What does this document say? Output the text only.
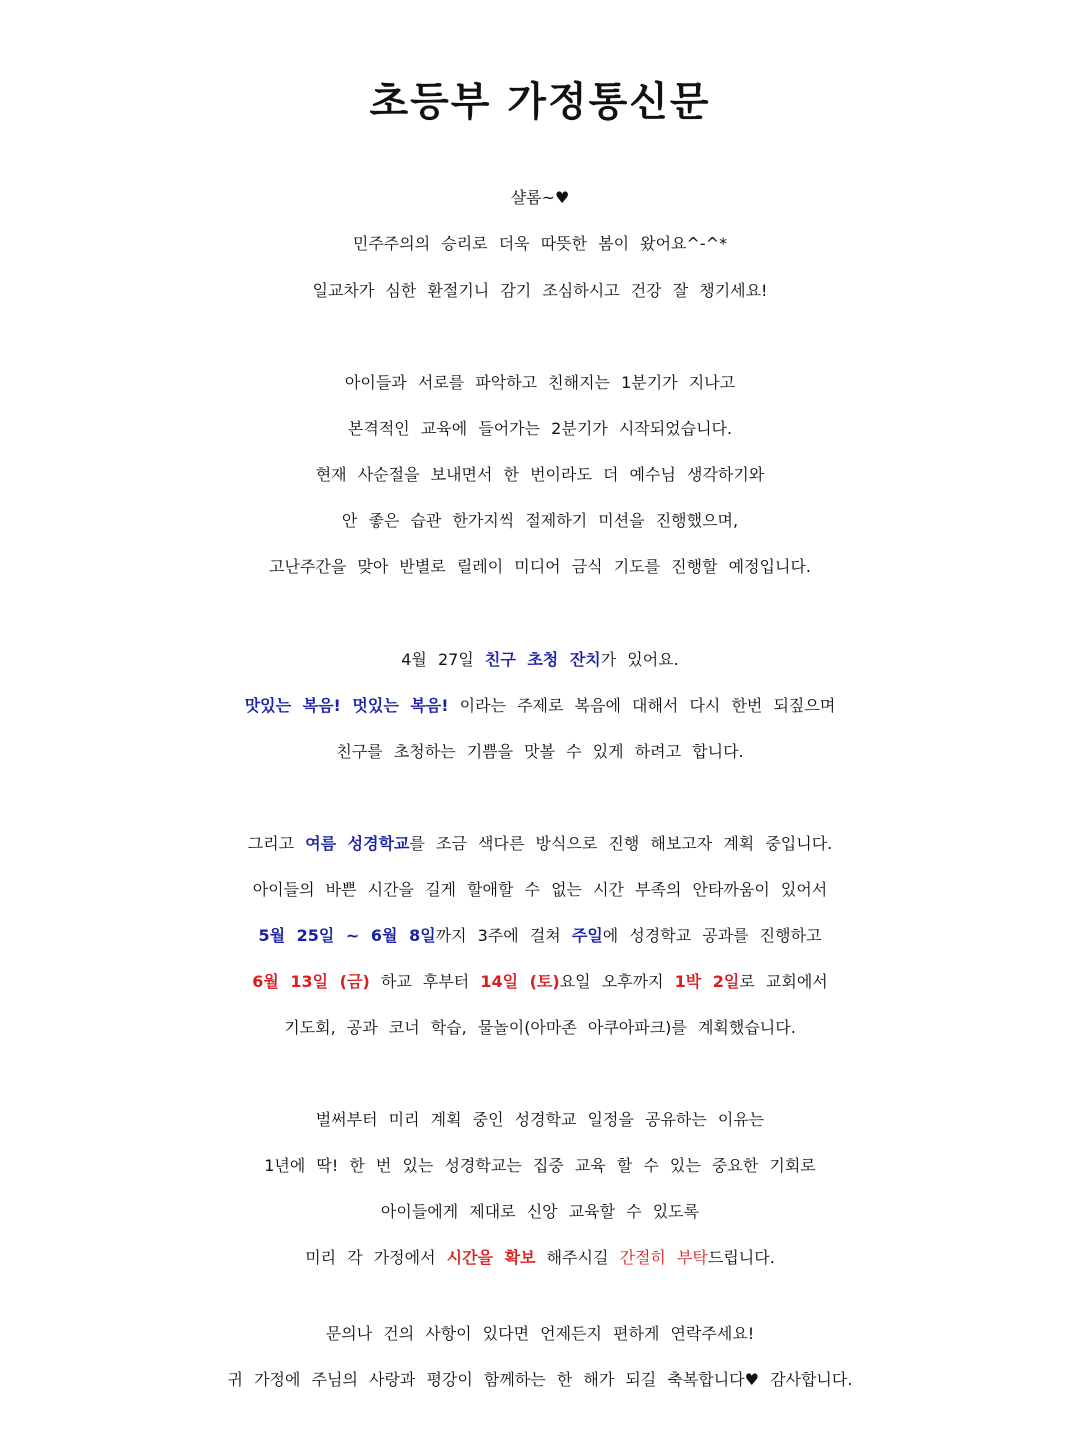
초등부 가정통신문
샬롬~♥
민주주의의 승리로 더욱 따뜻한 봄이 왔어요^-^*
일교차가 심한 환절기니 감기 조심하시고 건강 잘 챙기세요!
아이들과 서로를 파악하고 친해지는 1분기가 지나고
본격적인 교육에 들어가는 2분기가 시작되었습니다.
현재 사순절을 보내면서 한 번이라도 더 예수님 생각하기와
안 좋은 습관 한가지씩 절제하기 미션을 진행했으며,
고난주간을 맞아 반별로 릴레이 미디어 금식 기도를 진행할 예정입니다.
4월 27일 친구 초청 잔치가 있어요.
맛있는 복음! 멋있는 복음! 이라는 주제로 복음에 대해서 다시 한번 되짚으며
친구를 초청하는 기쁨을 맛볼 수 있게 하려고 합니다.
그리고 여름 성경학교를 조금 색다른 방식으로 진행 해보고자 계획 중입니다.
아이들의 바쁜 시간을 길게 할애할 수 없는 시간 부족의 안타까움이 있어서
5월 25일 ~ 6월 8일까지 3주에 걸쳐 주일에 성경학교 공과를 진행하고
6월 13일 (금) 하교 후부터 14일 (토)요일 오후까지 1박 2일로 교회에서
기도회, 공과 코너 학습, 물놀이(아마존 아쿠아파크)를 계획했습니다.
벌써부터 미리 계획 중인 성경학교 일정을 공유하는 이유는
1년에 딱! 한 번 있는 성경학교는 집중 교육 할 수 있는 중요한 기회로
아이들에게 제대로 신앙 교육할 수 있도록
미리 각 가정에서 시간을 확보 해주시길 간절히 부탁드립니다.
문의나 건의 사항이 있다면 언제든지 편하게 연락주세요!
귀 가정에 주님의 사랑과 평강이 함께하는 한 해가 되길 축복합니다♥ 감사합니다.
